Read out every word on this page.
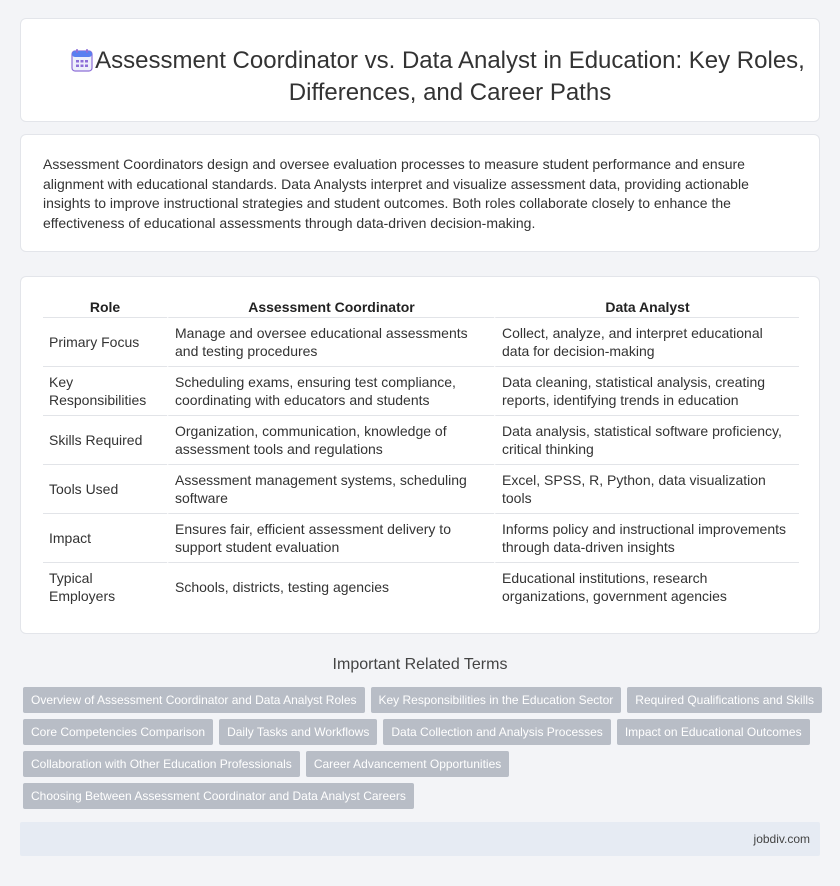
Assessment Coordinator vs. Data Analyst in Education: Key Roles, Differences, and Career Paths

Assessment Coordinators design and oversee evaluation processes to measure student performance and ensure alignment with educational standards. Data Analysts interpret and visualize assessment data, providing actionable insights to improve instructional strategies and student outcomes. Both roles collaborate closely to enhance the effectiveness of educational assessments through data-driven decision-making.

Role	Assessment Coordinator	Data Analyst
Primary Focus	Manage and oversee educational assessments and testing procedures	Collect, analyze, and interpret educational data for decision-making
Key Responsibilities	Scheduling exams, ensuring test compliance, coordinating with educators and students	Data cleaning, statistical analysis, creating reports, identifying trends in education
Skills Required	Organization, communication, knowledge of assessment tools and regulations	Data analysis, statistical software proficiency, critical thinking
Tools Used	Assessment management systems, scheduling software	Excel, SPSS, R, Python, data visualization tools
Impact	Ensures fair, efficient assessment delivery to support student evaluation	Informs policy and instructional improvements through data-driven insights
Typical Employers	Schools, districts, testing agencies	Educational institutions, research organizations, government agencies
Important Related Terms
Overview of Assessment Coordinator and Data Analyst Roles	Key Responsibilities in the Education Sector	Required Qualifications and Skills
Core Competencies Comparison	Daily Tasks and Workflows	Data Collection and Analysis Processes	Impact on Educational Outcomes
Collaboration with Other Education Professionals	Career Advancement Opportunities
Choosing Between Assessment Coordinator and Data Analyst Careers
jobdiv.com
